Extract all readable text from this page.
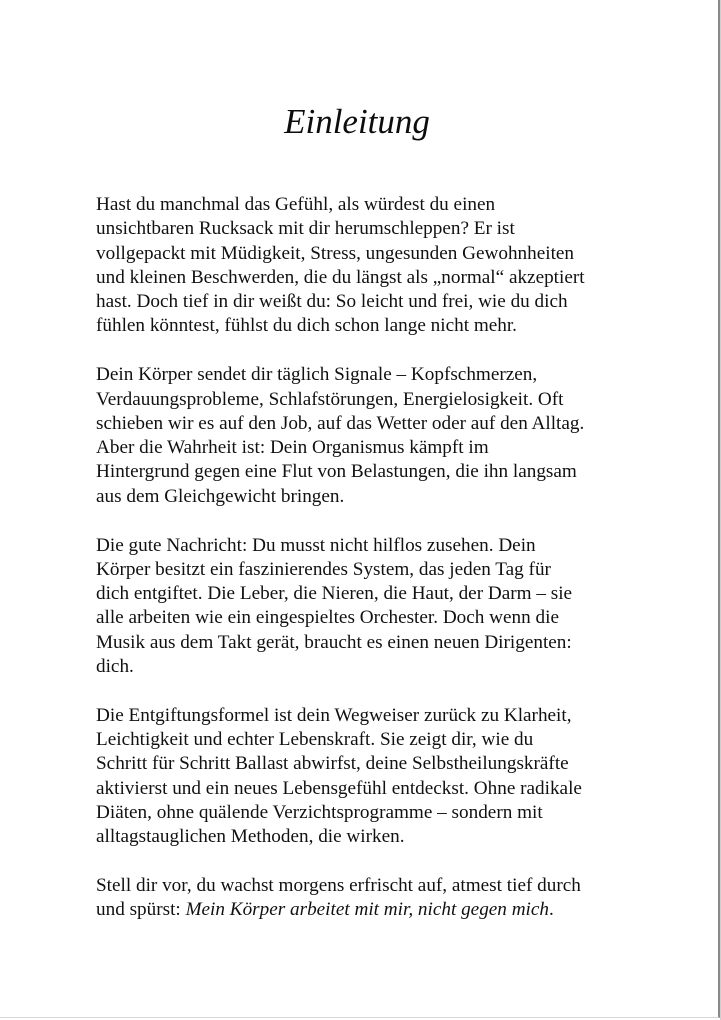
Einleitung

Hast du manchmal das Gefühl, als würdest du einen
unsichtbaren Rucksack mit dir herumschleppen? Er ist
vollgepackt mit Müdigkeit, Stress, ungesunden Gewohnheiten
und kleinen Beschwerden, die du längst als „normal“ akzeptiert
hast. Doch tief in dir weißt du: So leicht und frei, wie du dich
fühlen könntest, fühlst du dich schon lange nicht mehr.

Dein Körper sendet dir täglich Signale – Kopfschmerzen,
Verdauungsprobleme, Schlafstörungen, Energielosigkeit. Oft
schieben wir es auf den Job, auf das Wetter oder auf den Alltag.
Aber die Wahrheit ist: Dein Organismus kämpft im
Hintergrund gegen eine Flut von Belastungen, die ihn langsam
aus dem Gleichgewicht bringen.

Die gute Nachricht: Du musst nicht hilflos zusehen. Dein
Körper besitzt ein faszinierendes System, das jeden Tag für
dich entgiftet. Die Leber, die Nieren, die Haut, der Darm – sie
alle arbeiten wie ein eingespieltes Orchester. Doch wenn die
Musik aus dem Takt gerät, braucht es einen neuen Dirigenten:
dich.

Die Entgiftungsformel ist dein Wegweiser zurück zu Klarheit,
Leichtigkeit und echter Lebenskraft. Sie zeigt dir, wie du
Schritt für Schritt Ballast abwirfst, deine Selbstheilungskräfte
aktivierst und ein neues Lebensgefühl entdeckst. Ohne radikale
Diäten, ohne quälende Verzichtsprogramme – sondern mit
alltagstauglichen Methoden, die wirken.

Stell dir vor, du wachst morgens erfrischt auf, atmest tief durch
und spürst: Mein Körper arbeitet mit mir, nicht gegen mich.
